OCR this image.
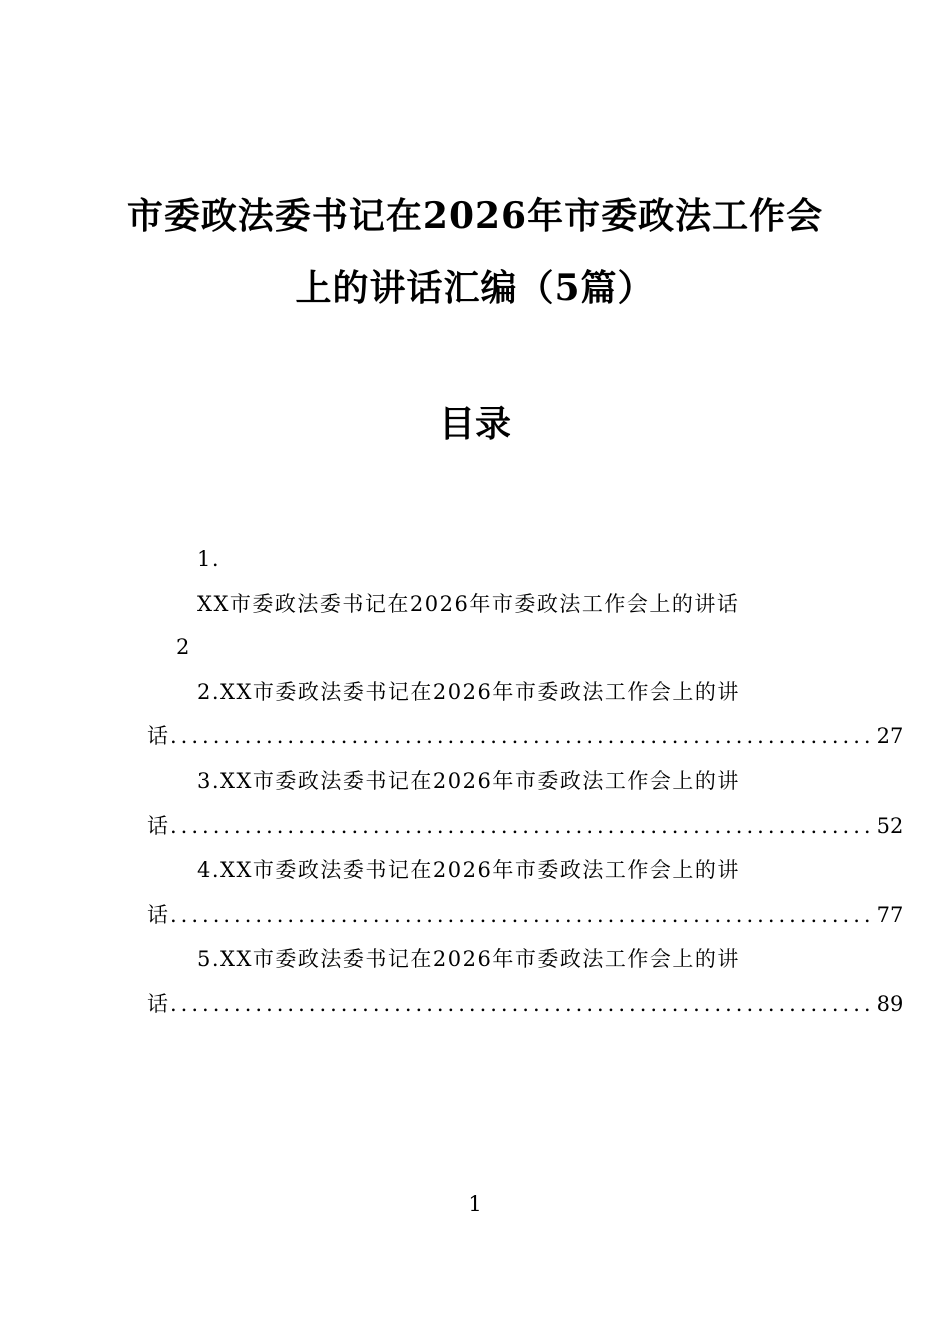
市委政法委书记在2026年市委政法工作会
上的讲话汇编（5篇）
目录
1.
XX市委政法委书记在2026年市委政法工作会上的讲话
2
2.XX市委政法委书记在2026年市委政法工作会上的讲
话 .................................................................. 27
3.XX市委政法委书记在2026年市委政法工作会上的讲
话 .................................................................. 52
4.XX市委政法委书记在2026年市委政法工作会上的讲
话 .................................................................. 77
5.XX市委政法委书记在2026年市委政法工作会上的讲
话 .................................................................. 89
1
